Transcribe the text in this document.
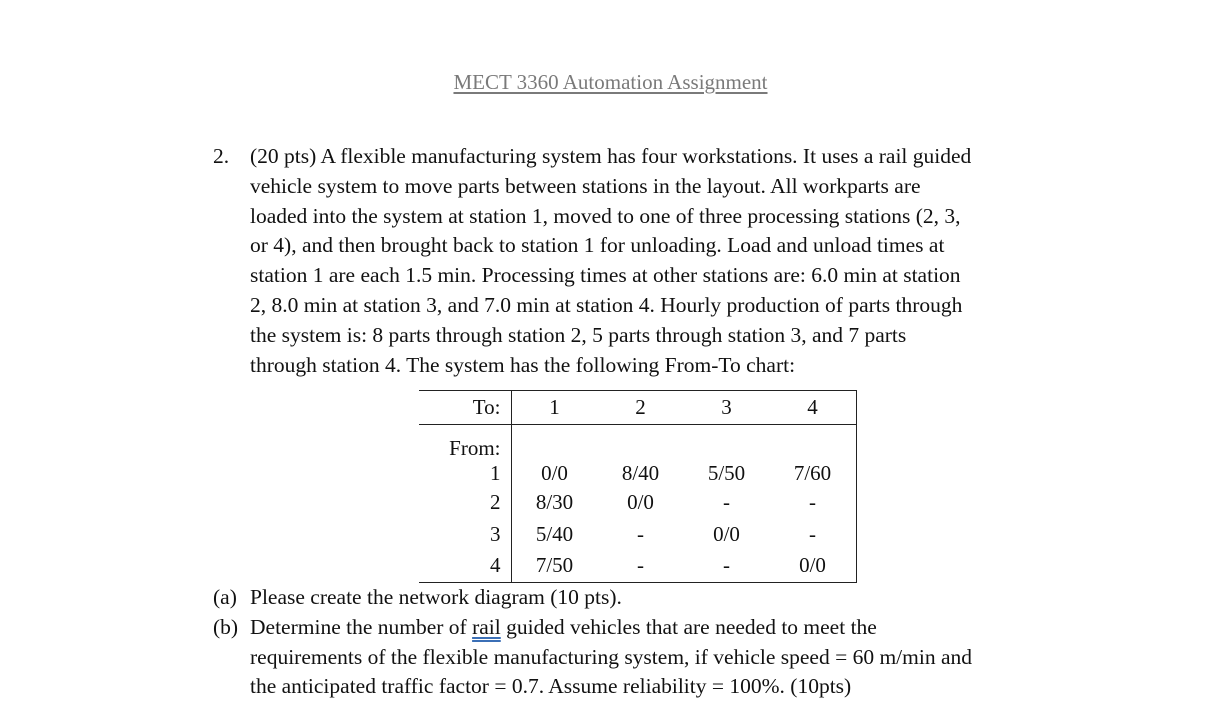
MECT 3360 Automation Assignment
2. (20 pts) A flexible manufacturing system has four workstations. It uses a rail guided
vehicle system to move parts between stations in the layout. All workparts are
loaded into the system at station 1, moved to one of three processing stations (2, 3,
or 4), and then brought back to station 1 for unloading. Load and unload times at
station 1 are each 1.5 min. Processing times at other stations are: 6.0 min at station
2, 8.0 min at station 3, and 7.0 min at station 4. Hourly production of parts through
the system is: 8 parts through station 2, 5 parts through station 3, and 7 parts
through station 4. The system has the following From-To chart:
To:	1	2	3	4
From:				
1	0/0	8/40	5/50	7/60
2	8/30	0/0	-	-
3	5/40	-	0/0	-
4	7/50	-	-	0/0
(a) Please create the network diagram (10 pts).
(b) Determine the number of rail guided vehicles that are needed to meet the
requirements of the flexible manufacturing system, if vehicle speed = 60 m/min and
the anticipated traffic factor = 0.7. Assume reliability = 100%. (10pts)
